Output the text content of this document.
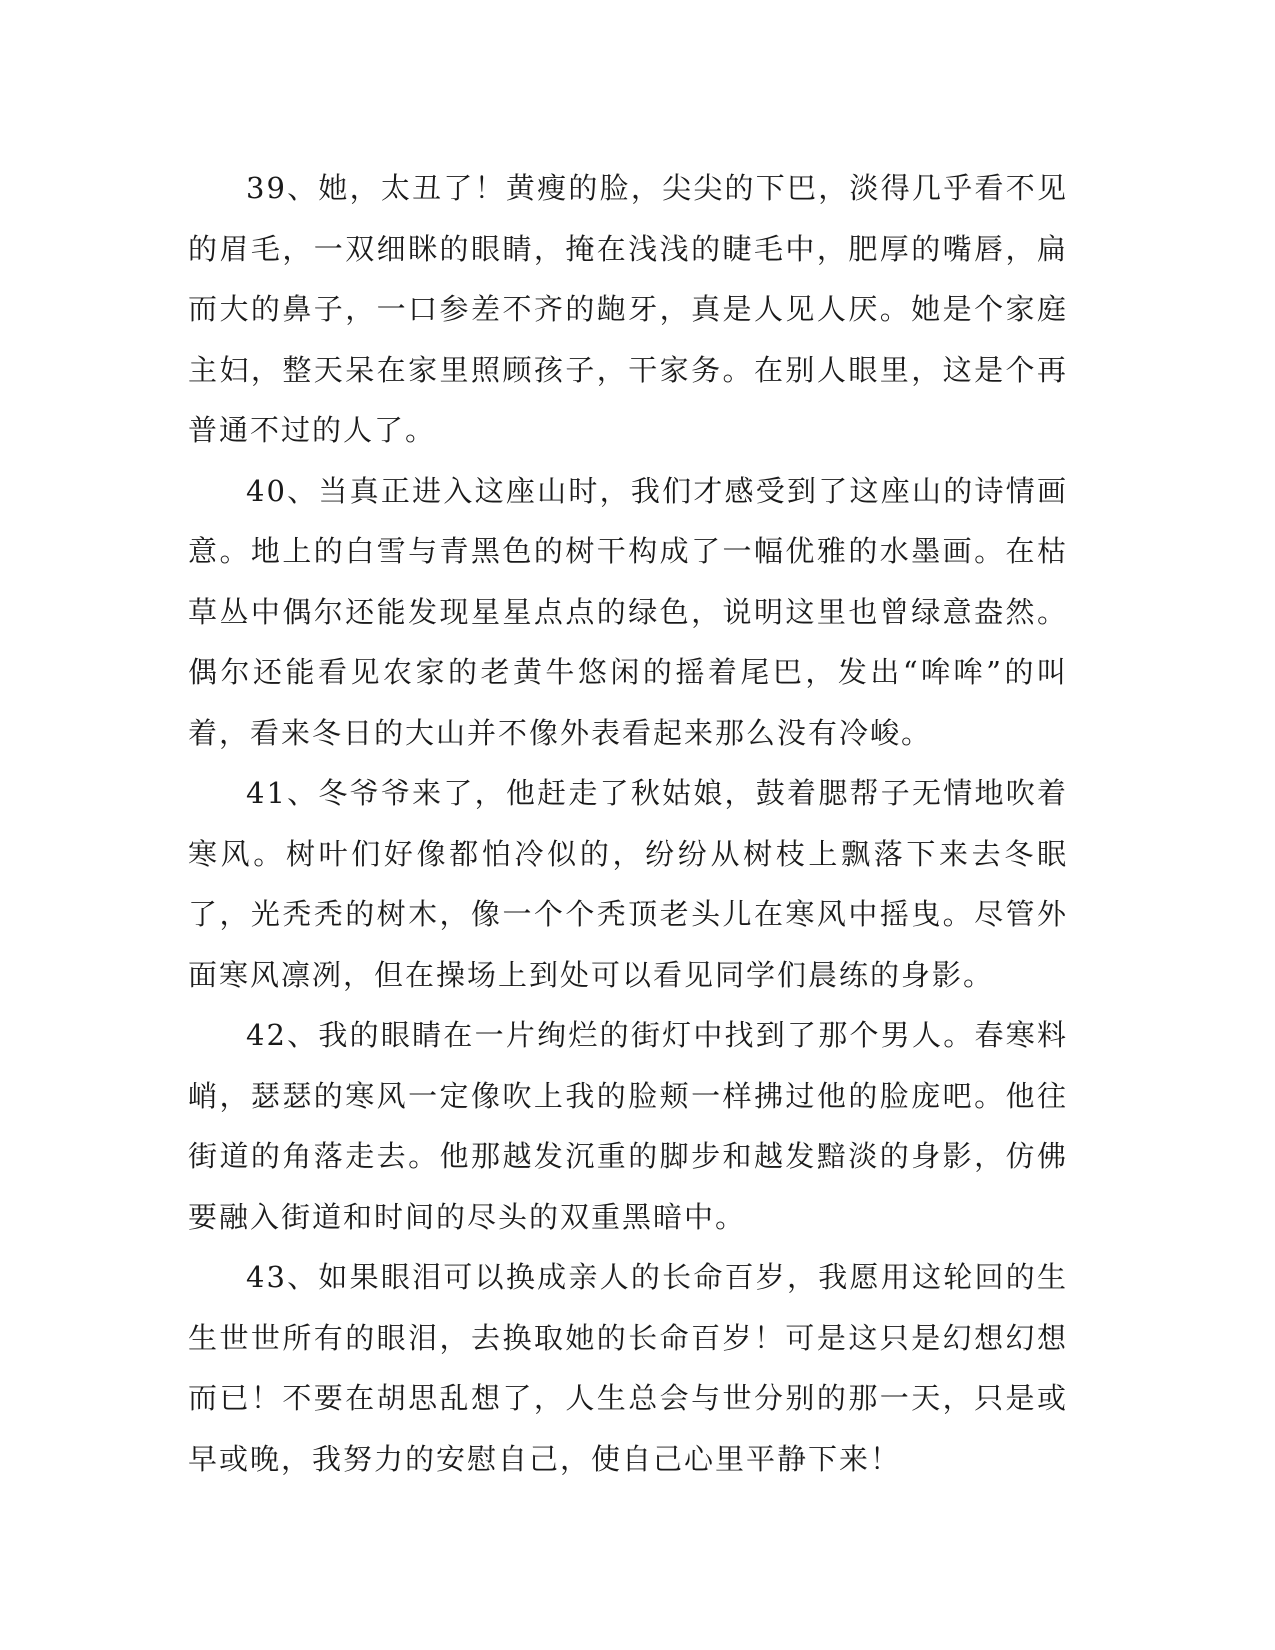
39、她，太丑了！黄瘦的脸，尖尖的下巴，淡得几乎看不见的眉毛，一双细眯的眼睛，掩在浅浅的睫毛中，肥厚的嘴唇，扁而大的鼻子，一口参差不齐的龅牙，真是人见人厌。她是个家庭主妇，整天呆在家里照顾孩子，干家务。在别人眼里，这是个再普通不过的人了。

40、当真正进入这座山时，我们才感受到了这座山的诗情画意。地上的白雪与青黑色的树干构成了一幅优雅的水墨画。在枯草丛中偶尔还能发现星星点点的绿色，说明这里也曾绿意盎然。偶尔还能看见农家的老黄牛悠闲的摇着尾巴，发出“哞哞”的叫着，看来冬日的大山并不像外表看起来那么没有冷峻。

41、冬爷爷来了，他赶走了秋姑娘，鼓着腮帮子无情地吹着寒风。树叶们好像都怕冷似的，纷纷从树枝上飘落下来去冬眠了，光秃秃的树木，像一个个秃顶老头儿在寒风中摇曳。尽管外面寒风凛冽，但在操场上到处可以看见同学们晨练的身影。

42、我的眼睛在一片绚烂的街灯中找到了那个男人。春寒料峭，瑟瑟的寒风一定像吹上我的脸颊一样拂过他的脸庞吧。他往街道的角落走去。他那越发沉重的脚步和越发黯淡的身影，仿佛要融入街道和时间的尽头的双重黑暗中。

43、如果眼泪可以换成亲人的长命百岁，我愿用这轮回的生生世世所有的眼泪，去换取她的长命百岁！可是这只是幻想幻想而已！不要在胡思乱想了，人生总会与世分别的那一天，只是或早或晚，我努力的安慰自己，使自己心里平静下来！
